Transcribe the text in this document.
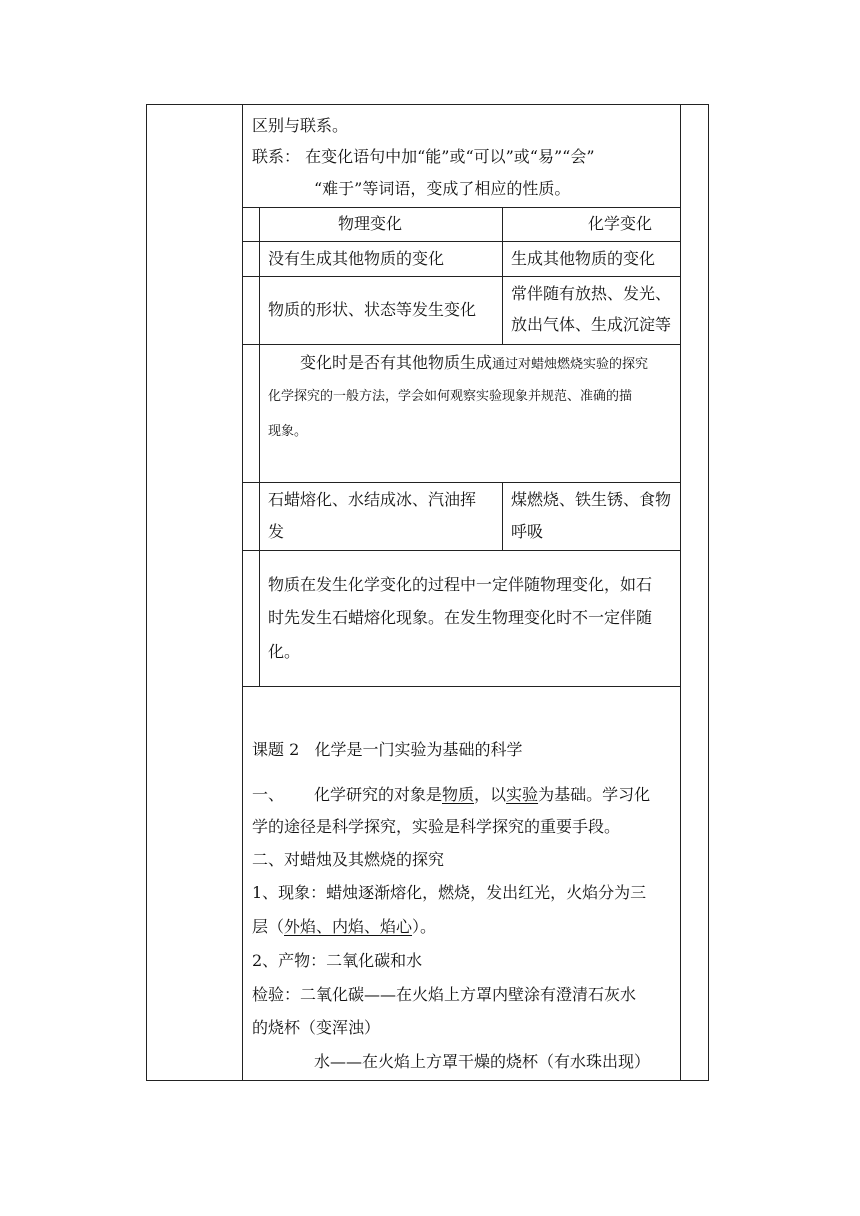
区别与联系。
联系： 在变化语句中加“能”或“可以”或“易”“会”
“难于”等词语，变成了相应的性质。
物理变化	化学变化
没有生成其他物质的变化	生成其他物质的变化
物质的形状、状态等发生变化
常伴随有放热、发光、
放出气体、生成沉淀等
变化时是否有其他物质生成通过对蜡烛燃烧实验的探究
化学探究的一般方法，学会如何观察实验现象并规范、准确的描
现象。
石蜡熔化、水结成冰、汽油挥
发
煤燃烧、铁生锈、食物
呼吸
物质在发生化学变化的过程中一定伴随物理变化，如石
时先发生石蜡熔化现象。在发生物理变化时不一定伴随
化。
课题 2   化学是一门实验为基础的科学
一、 化学研究的对象是物质，以实验为基础。学习化
学的途径是科学探究，实验是科学探究的重要手段。
二、对蜡烛及其燃烧的探究
1、现象：蜡烛逐渐熔化，燃烧，发出红光，火焰分为三
层（外焰、内焰、焰心）。
2、产物：二氧化碳和水
检验：二氧化碳——在火焰上方罩内壁涂有澄清石灰水
的烧杯（变浑浊）
水——在火焰上方罩干燥的烧杯（有水珠出现）
